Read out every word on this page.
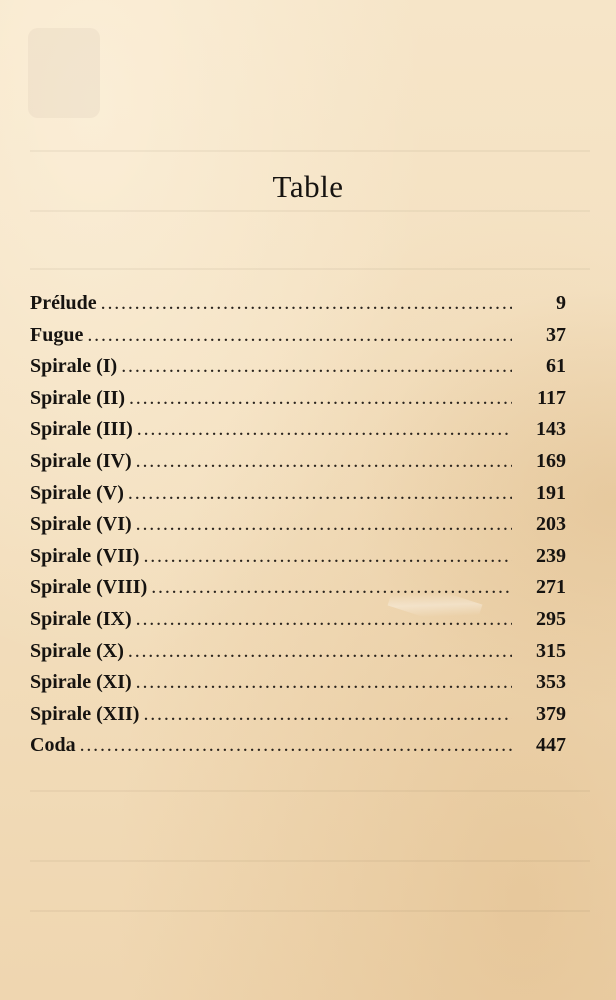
Table
Prélude . . .	9
Fugue . . .	37
Spirale (I) . . .	61
Spirale (II) . . .	117
Spirale (III) . . .	143
Spirale (IV) . . .	169
Spirale (V) . . .	191
Spirale (VI) . . .	203
Spirale (VII) . . .	239
Spirale (VIII) . . .	271
Spirale (IX) . . .	295
Spirale (X) . . .	315
Spirale (XI) . . .	353
Spirale (XII) . . .	379
Coda . . .	447
